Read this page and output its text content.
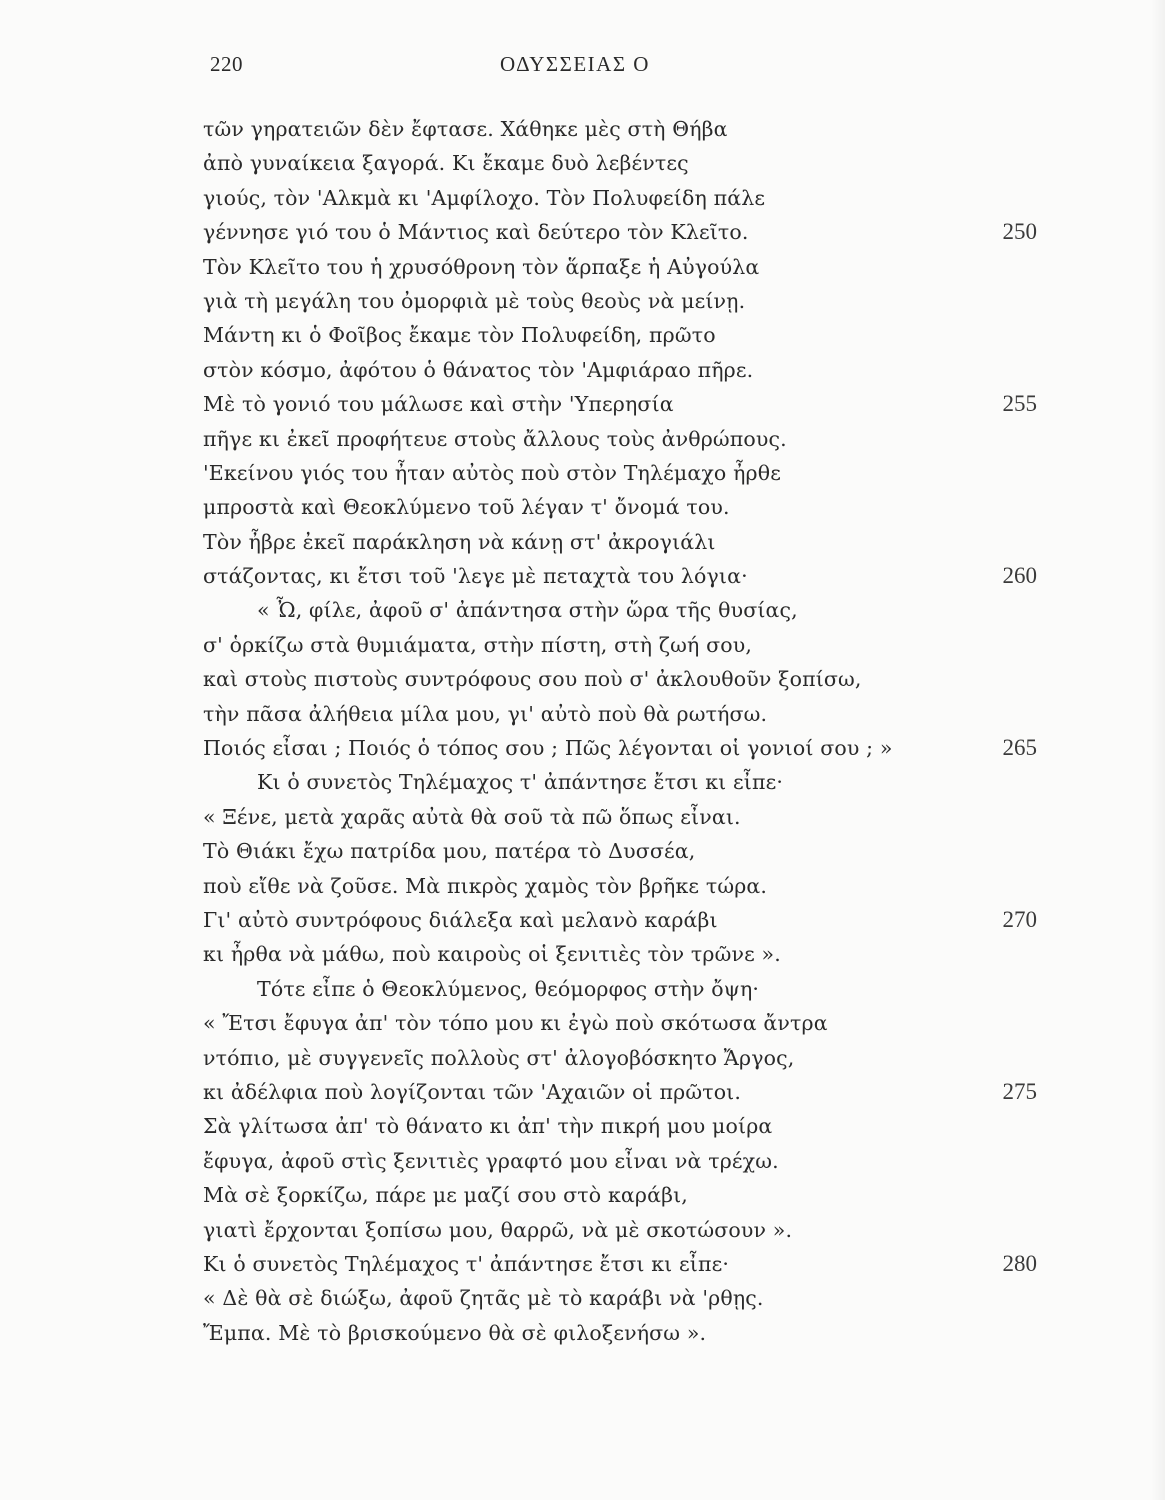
220	ΟΔΥΣΣΕΙΑΣ Ο
τῶν γηρατειῶν δὲν ἔφτασε. Χάθηκε μὲς στὴ Θήβα
ἀπὸ γυναίκεια ξαγορά. Κι ἔκαμε δυὸ λεβέντες
γιούς, τὸν 'Αλκμὰ κι 'Αμφίλοχο. Τὸν Πολυφείδη πάλε
γέννησε γιό του ὁ Μάντιος καὶ δεύτερο τὸν Κλεῖτο.	250
Τὸν Κλεῖτο του ἡ χρυσόθρονη τὸν ἅρπαξε ἡ Αὐγούλα
γιὰ τὴ μεγάλη του ὀμορφιὰ μὲ τοὺς θεοὺς νὰ μείνῃ.
Μάντη κι ὁ Φοῖβος ἔκαμε τὸν Πολυφείδη, πρῶτο
στὸν κόσμο, ἀφότου ὁ θάνατος τὸν 'Αμφιάραο πῆρε.
Μὲ τὸ γονιό του μάλωσε καὶ στὴν 'Υπερησία	255
πῆγε κι ἐκεῖ προφήτευε στοὺς ἄλλους τοὺς ἀνθρώπους.
'Εκείνου γιός του ἦταν αὐτὸς ποὺ στὸν Τηλέμαχο ἦρθε
μπροστὰ καὶ Θεοκλύμενο τοῦ λέγαν τ' ὄνομά του.
Τὸν ἦβρε ἐκεῖ παράκληση νὰ κάνῃ στ' ἀκρογιάλι
στάζοντας, κι ἔτσι τοῦ 'λεγε μὲ πεταχτὰ του λόγια·	260
« Ὦ, φίλε, ἀφοῦ σ' ἀπάντησα στὴν ὥρα τῆς θυσίας,
σ' ὁρκίζω στὰ θυμιάματα, στὴν πίστη, στὴ ζωή σου,
καὶ στοὺς πιστοὺς συντρόφους σου ποὺ σ' ἀκλουθοῦν ξοπίσω,
τὴν πᾶσα ἀλήθεια μίλα μου, γι' αὐτὸ ποὺ θὰ ρωτήσω.
Ποιός εἶσαι ; Ποιός ὁ τόπος σου ; Πῶς λέγονται οἱ γονιοί σου ; »	265
Κι ὁ συνετὸς Τηλέμαχος τ' ἀπάντησε ἔτσι κι εἶπε·
« Ξένε, μετὰ χαρᾶς αὐτὰ θὰ σοῦ τὰ πῶ ὅπως εἶναι.
Τὸ Θιάκι ἔχω πατρίδα μου, πατέρα τὸ Δυσσέα,
ποὺ εἴθε νὰ ζοῦσε. Μὰ πικρὸς χαμὸς τὸν βρῆκε τώρα.
Γι' αὐτὸ συντρόφους διάλεξα καὶ μελανὸ καράβι	270
κι ἦρθα νὰ μάθω, ποὺ καιροὺς οἱ ξενιτιὲς τὸν τρῶνε ».
Τότε εἶπε ὁ Θεοκλύμενος, θεόμορφος στὴν ὄψη·
« Ἔτσι ἔφυγα ἀπ' τὸν τόπο μου κι ἐγὼ ποὺ σκότωσα ἄντρα
ντόπιο, μὲ συγγενεῖς πολλοὺς στ' ἀλογοβόσκητο Ἄργος,
κι ἀδέλφια ποὺ λογίζονται τῶν 'Αχαιῶν οἱ πρῶτοι.	275
Σὰ γλίτωσα ἀπ' τὸ θάνατο κι ἀπ' τὴν πικρή μου μοίρα
ἔφυγα, ἀφοῦ στὶς ξενιτιὲς γραφτό μου εἶναι νὰ τρέχω.
Μὰ σὲ ξορκίζω, πάρε με μαζί σου στὸ καράβι,
γιατὶ ἔρχονται ξοπίσω μου, θαρρῶ, νὰ μὲ σκοτώσουν ».
Κι ὁ συνετὸς Τηλέμαχος τ' ἀπάντησε ἔτσι κι εἶπε·	280
« Δὲ θὰ σὲ διώξω, ἀφοῦ ζητᾶς μὲ τὸ καράβι νὰ 'ρθῃς.
Ἔμπα. Μὲ τὸ βρισκούμενο θὰ σὲ φιλοξενήσω ».
